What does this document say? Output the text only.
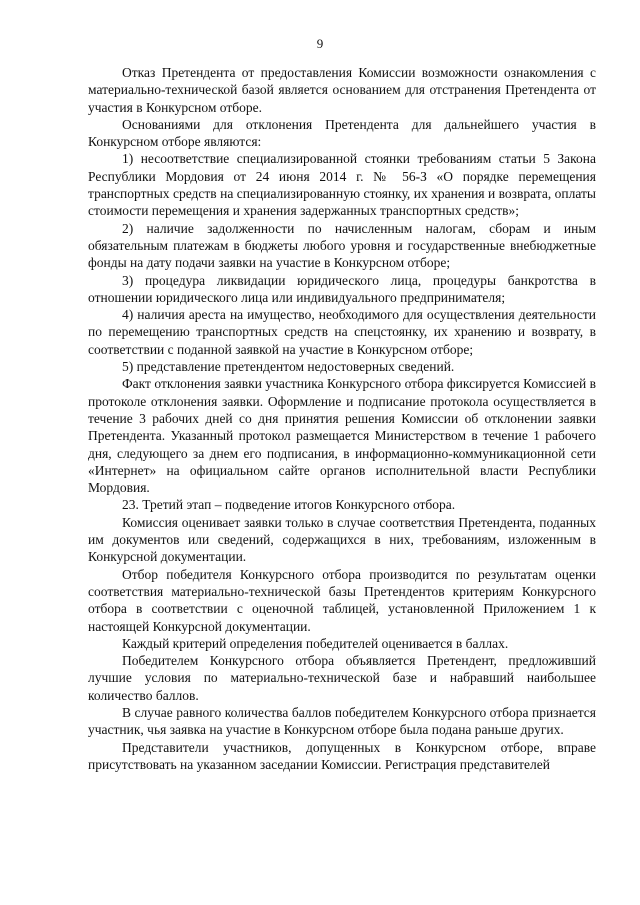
9

Отказ Претендента от предоставления Комиссии возможности ознакомления с материально-технической базой является основанием для отстранения Претендента от участия в Конкурсном отборе.

Основаниями для отклонения Претендента для дальнейшего участия в Конкурсном отборе являются:

1) несоответствие специализированной стоянки требованиям статьи 5 Закона Республики Мордовия от 24 июня 2014 г. № 56-З «О порядке перемещения транспортных средств на специализированную стоянку, их хранения и возврата, оплаты стоимости перемещения и хранения задержанных транспортных средств»;

2) наличие задолженности по начисленным налогам, сборам и иным обязательным платежам в бюджеты любого уровня и государственные внебюджетные фонды на дату подачи заявки на участие в Конкурсном отборе;

3) процедура ликвидации юридического лица, процедуры банкротства в отношении юридического лица или индивидуального предпринимателя;

4) наличия ареста на имущество, необходимого для осуществления деятельности по перемещению транспортных средств на спецстоянку, их хранению и возврату, в соответствии с поданной заявкой на участие в Конкурсном отборе;

5) представление претендентом недостоверных сведений.

Факт отклонения заявки участника Конкурсного отбора фиксируется Комиссией в протоколе отклонения заявки. Оформление и подписание протокола осуществляется в течение 3 рабочих дней со дня принятия решения Комиссии об отклонении заявки Претендента. Указанный протокол размещается Министерством в течение 1 рабочего дня, следующего за днем его подписания, в информационно-коммуникационной сети «Интернет» на официальном сайте органов исполнительной власти Республики Мордовия.

23. Третий этап – подведение итогов Конкурсного отбора.

Комиссия оценивает заявки только в случае соответствия Претендента, поданных им документов или сведений, содержащихся в них, требованиям, изложенным в Конкурсной документации.

Отбор победителя Конкурсного отбора производится по результатам оценки соответствия материально-технической базы Претендентов критериям Конкурсного отбора в соответствии с оценочной таблицей, установленной Приложением 1 к настоящей Конкурсной документации.

Каждый критерий определения победителей оценивается в баллах.

Победителем Конкурсного отбора объявляется Претендент, предложивший лучшие условия по материально-технической базе и набравший наибольшее количество баллов.

В случае равного количества баллов победителем Конкурсного отбора признается участник, чья заявка на участие в Конкурсном отборе была подана раньше других.

Представители участников, допущенных в Конкурсном отборе, вправе присутствовать на указанном заседании Комиссии. Регистрация представителей
